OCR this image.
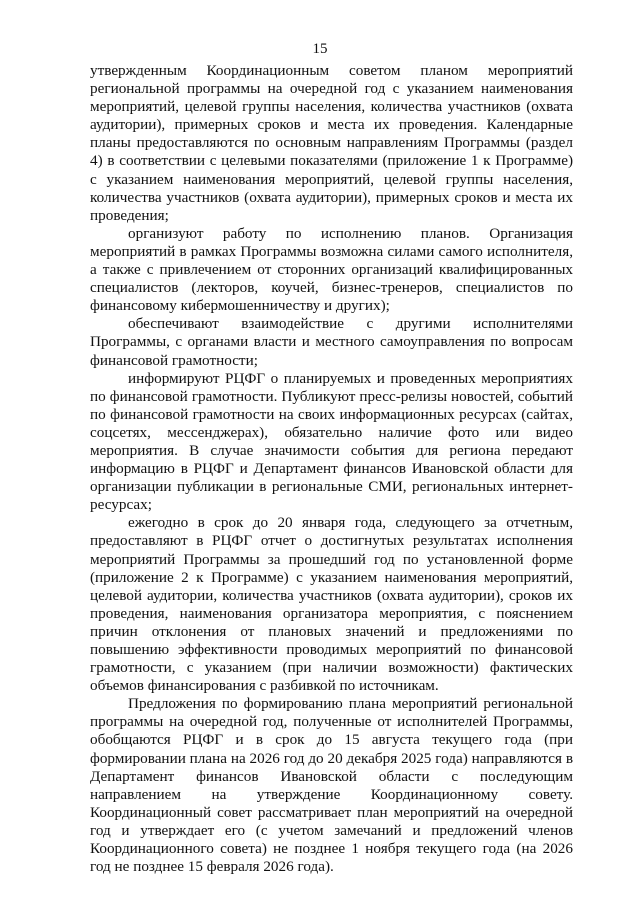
15

утвержденным Координационным советом планом мероприятий региональной программы на очередной год с указанием наименования мероприятий, целевой группы населения, количества участников (охвата аудитории), примерных сроков и места их проведения. Календарные планы предоставляются по основным направлениям Программы (раздел 4) в соответствии с целевыми показателями (приложение 1 к Программе) с указанием наименования мероприятий, целевой группы населения, количества участников (охвата аудитории), примерных сроков и места их проведения;

организуют работу по исполнению планов. Организация мероприятий в рамках Программы возможна силами самого исполнителя, а также с привлечением от сторонних организаций квалифицированных специалистов (лекторов, коучей, бизнес-тренеров, специалистов по финансовому кибермошенничеству и других);

обеспечивают взаимодействие с другими исполнителями Программы, с органами власти и местного самоуправления по вопросам финансовой грамотности;

информируют РЦФГ о планируемых и проведенных мероприятиях по финансовой грамотности. Публикуют пресс-релизы новостей, событий по финансовой грамотности на своих информационных ресурсах (сайтах, соцсетях, мессенджерах), обязательно наличие фото или видео мероприятия. В случае значимости события для региона передают информацию в РЦФГ и Департамент финансов Ивановской области для организации публикации в региональные СМИ, региональных интернет-ресурсах;

ежегодно в срок до 20 января года, следующего за отчетным, предоставляют в РЦФГ отчет о достигнутых результатах исполнения мероприятий Программы за прошедший год по установленной форме (приложение 2 к Программе) с указанием наименования мероприятий, целевой аудитории, количества участников (охвата аудитории), сроков их проведения, наименования организатора мероприятия, с пояснением причин отклонения от плановых значений и предложениями по повышению эффективности проводимых мероприятий по финансовой грамотности, с указанием (при наличии возможности) фактических объемов финансирования с разбивкой по источникам.

Предложения по формированию плана мероприятий региональной программы на очередной год, полученные от исполнителей Программы, обобщаются РЦФГ и в срок до 15 августа текущего года (при формировании плана на 2026 год до 20 декабря 2025 года) направляются в Департамент финансов Ивановской области с последующим направлением на утверждение Координационному совету. Координационный совет рассматривает план мероприятий на очередной год и утверждает его (с учетом замечаний и предложений членов Координационного совета) не позднее 1 ноября текущего года (на 2026 год не позднее 15 февраля 2026 года).
